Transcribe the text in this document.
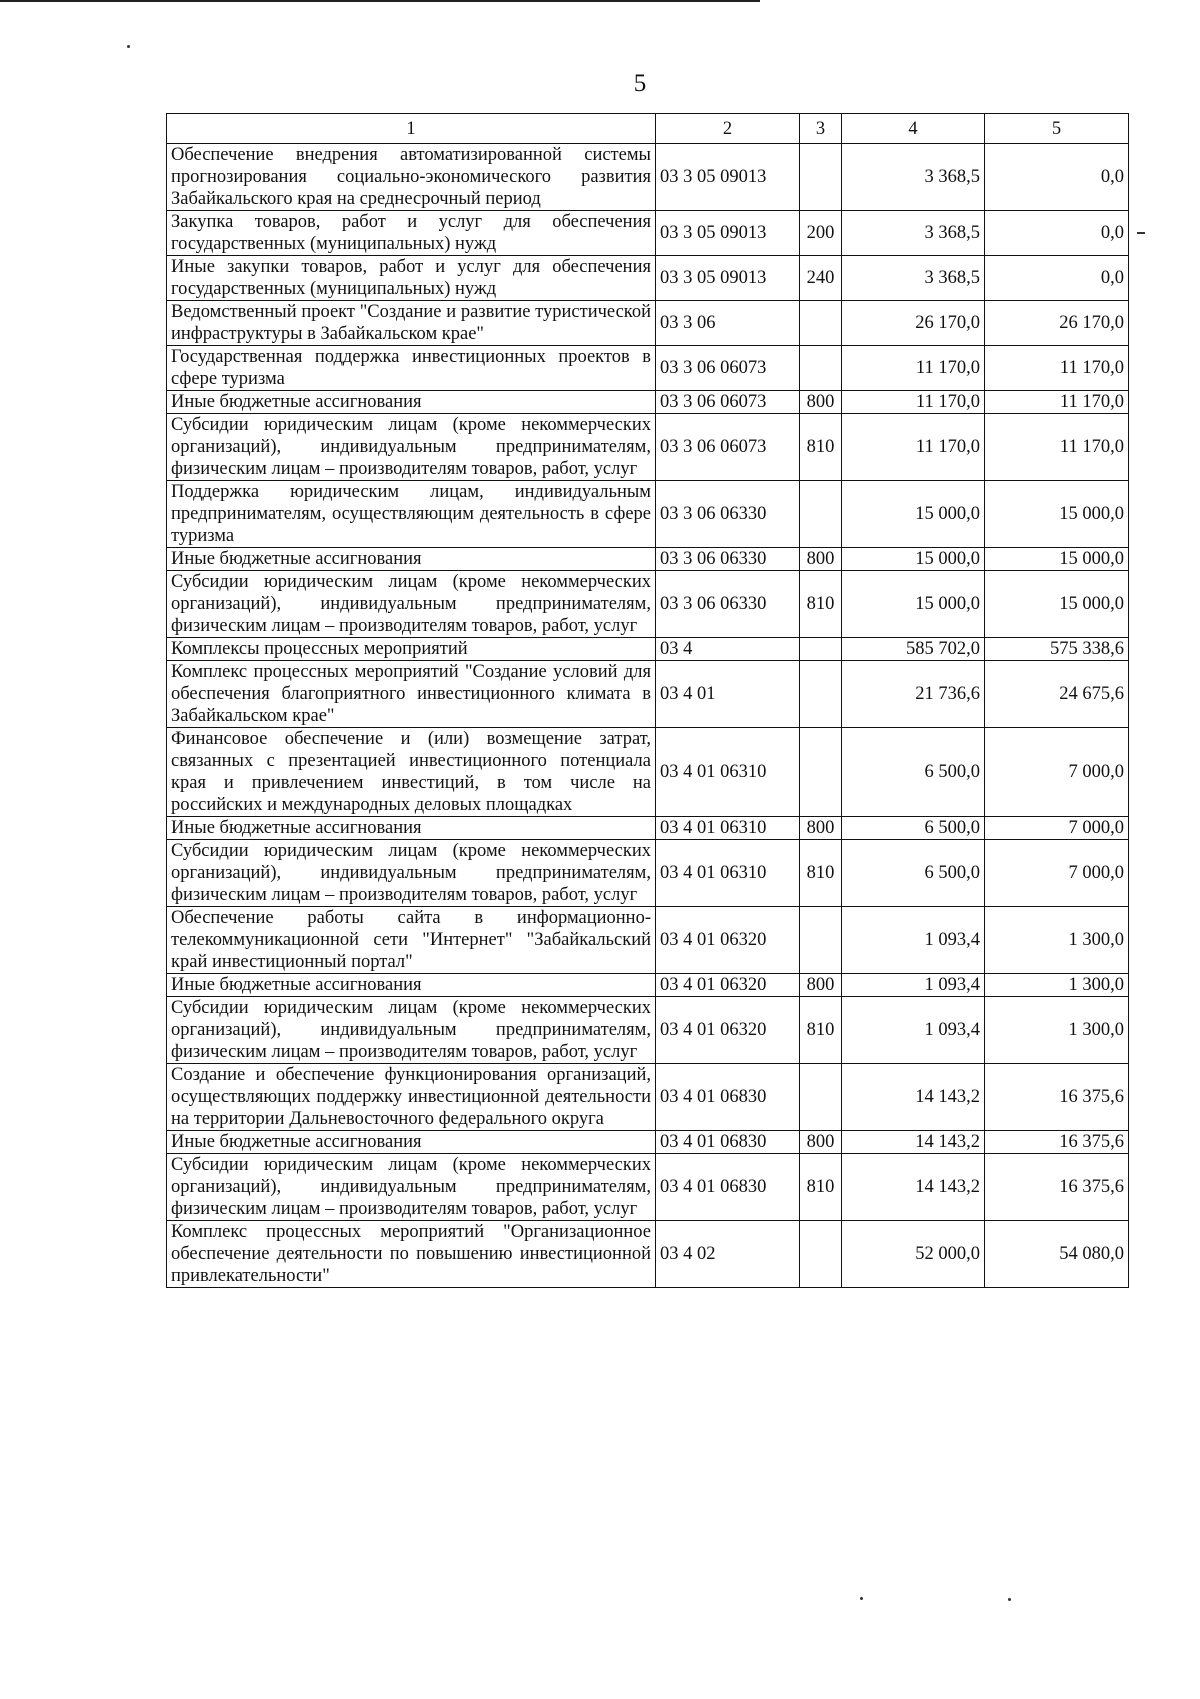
5
1	2	3	4	5
Обеспечение внедрения автоматизированной системы прогнозирования социально-экономического развития Забайкальского края на среднесрочный период	03 3 05 09013		3 368,5	0,0
Закупка товаров, работ и услуг для обеспечения государственных (муниципальных) нужд	03 3 05 09013	200	3 368,5	0,0
Иные закупки товаров, работ и услуг для обеспечения государственных (муниципальных) нужд	03 3 05 09013	240	3 368,5	0,0
Ведомственный проект "Создание и развитие туристической инфраструктуры в Забайкальском крае"	03 3 06		26 170,0	26 170,0
Государственная поддержка инвестиционных проектов в сфере туризма	03 3 06 06073		11 170,0	11 170,0
Иные бюджетные ассигнования	03 3 06 06073	800	11 170,0	11 170,0
Субсидии юридическим лицам (кроме некоммерческих организаций), индивидуальным предпринимателям, физическим лицам – производителям товаров, работ, услуг	03 3 06 06073	810	11 170,0	11 170,0
Поддержка юридическим лицам, индивидуальным предпринимателям, осуществляющим деятельность в сфере туризма	03 3 06 06330		15 000,0	15 000,0
Иные бюджетные ассигнования	03 3 06 06330	800	15 000,0	15 000,0
Субсидии юридическим лицам (кроме некоммерческих организаций), индивидуальным предпринимателям, физическим лицам – производителям товаров, работ, услуг	03 3 06 06330	810	15 000,0	15 000,0
Комплексы процессных мероприятий	03 4		585 702,0	575 338,6
Комплекс процессных мероприятий "Создание условий для обеспечения благоприятного инвестиционного климата в Забайкальском крае"	03 4 01		21 736,6	24 675,6
Финансовое обеспечение и (или) возмещение затрат, связанных с презентацией инвестиционного потенциала края и привлечением инвестиций, в том числе на российских и международных деловых площадках	03 4 01 06310		6 500,0	7 000,0
Иные бюджетные ассигнования	03 4 01 06310	800	6 500,0	7 000,0
Субсидии юридическим лицам (кроме некоммерческих организаций), индивидуальным предпринимателям, физическим лицам – производителям товаров, работ, услуг	03 4 01 06310	810	6 500,0	7 000,0
Обеспечение работы сайта в информационно-телекоммуникационной сети "Интернет" "Забайкальский край инвестиционный портал"	03 4 01 06320		1 093,4	1 300,0
Иные бюджетные ассигнования	03 4 01 06320	800	1 093,4	1 300,0
Субсидии юридическим лицам (кроме некоммерческих организаций), индивидуальным предпринимателям, физическим лицам – производителям товаров, работ, услуг	03 4 01 06320	810	1 093,4	1 300,0
Создание и обеспечение функционирования организаций, осуществляющих поддержку инвестиционной деятельности на территории Дальневосточного федерального округа	03 4 01 06830		14 143,2	16 375,6
Иные бюджетные ассигнования	03 4 01 06830	800	14 143,2	16 375,6
Субсидии юридическим лицам (кроме некоммерческих организаций), индивидуальным предпринимателям, физическим лицам – производителям товаров, работ, услуг	03 4 01 06830	810	14 143,2	16 375,6
Комплекс процессных мероприятий "Организационное обеспечение деятельности по повышению инвестиционной привлекательности"	03 4 02		52 000,0	54 080,0
